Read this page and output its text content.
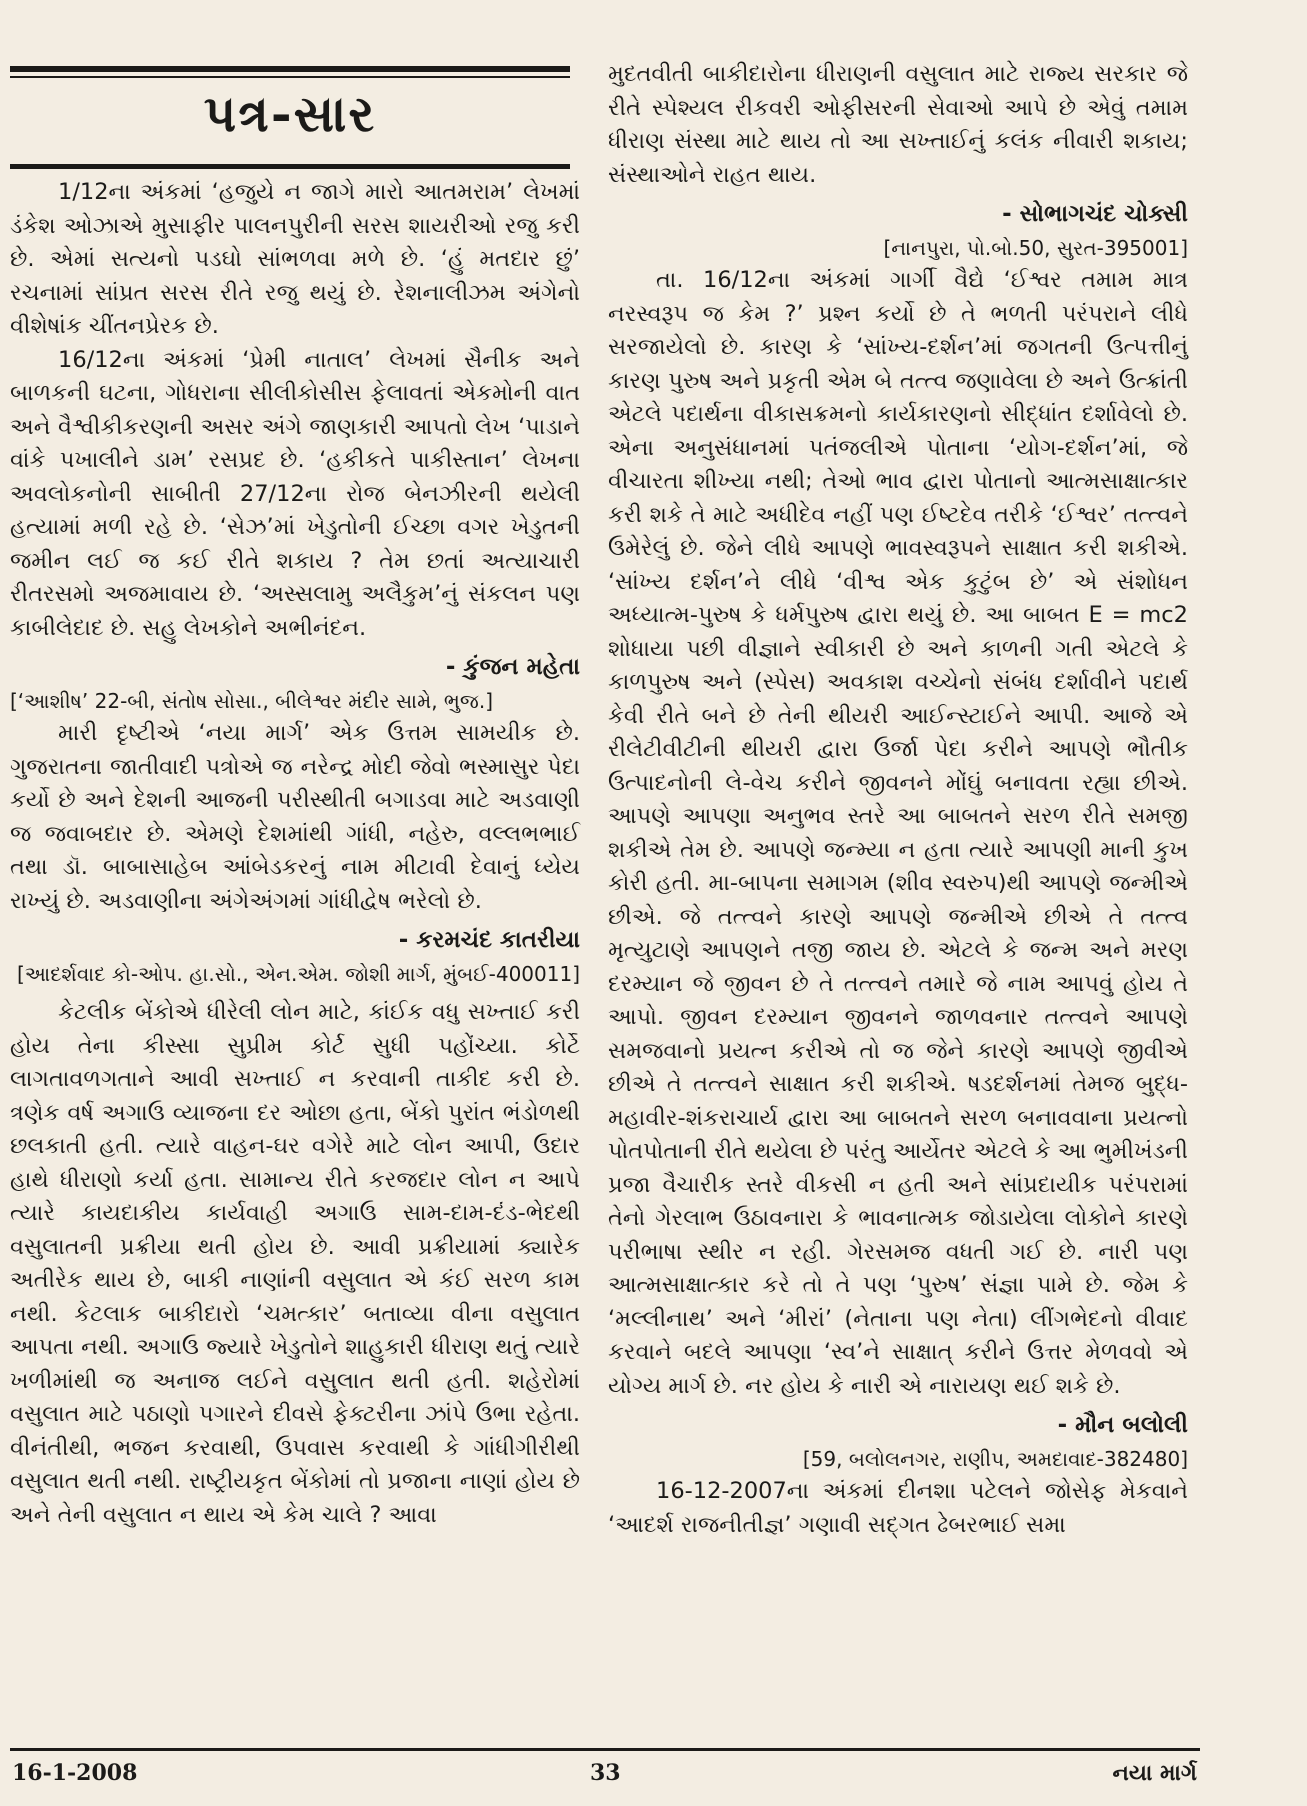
પત્ર-સાર

1/12ના અંકમાં ‘હજુયે ન જાગે મારો આતમરામ’ લેખમાં ડંકેશ ઓઝાએ મુસાફીર પાલનપુરીની સરસ શાયરીઓ રજુ કરી છે. એમાં સત્યનો પડઘો સાંભળવા મળે છે. ‘હું મતદાર છું’ રચનામાં સાંપ્રત સરસ રીતે રજુ થયું છે. રેશનાલીઝમ અંગેનો વીશેષાંક ચીંતનપ્રેરક છે.

16/12ના અંકમાં ‘પ્રેમી નાતાલ’ લેખમાં સૈનીક અને બાળકની ઘટના, ગોધરાના સીલીકોસીસ ફેલાવતાં એકમોની વાત અને વૈશ્વીકીકરણની અસર અંગે જાણકારી આપતો લેખ ‘પાડાને વાંકે પખાલીને ડામ’ રસપ્રદ છે. ‘હકીકતે પાકીસ્તાન’ લેખના અવલોકનોની સાબીતી 27/12ના રોજ બેનઝીરની થયેલી હત્યામાં મળી રહે છે. ‘સેઝ’માં ખેડુતોની ઈચ્છા વગર ખેડુતની જમીન લઈ જ કઈ રીતે શકાય ? તેમ છતાં અત્યાચારી રીતરસમો અજમાવાય છે. ‘અસ્સલામુ અલૈકુમ’નું સંકલન પણ કાબીલેદાદ છે. સહુ લેખકોને અભીનંદન.

- કુંજન મહેતા
[‘આશીષ’ 22-બી, સંતોષ સોસા., બીલેશ્વર મંદીર સામે, ભુજ.]

મારી દૃષ્ટીએ ‘નયા માર્ગ’ એક ઉત્તમ સામયીક છે. ગુજરાતના જાતીવાદી પત્રોએ જ નરેન્દ્ર મોદી જેવો ભસ્માસુર પેદા કર્યો છે અને દેશની આજની પરીસ્થીતી બગાડવા માટે અડવાણી જ જવાબદાર છે. એમણે દેશમાંથી ગાંધી, નહેરુ, વલ્લભભાઈ તથા ડૉ. બાબાસાહેબ આંબેડકરનું નામ મીટાવી દેવાનું ધ્યેય રાખ્યું છે. અડવાણીના અંગેઅંગમાં ગાંધીદ્વેષ ભરેલો છે.

- કરમચંદ કાતરીયા
[આદર્શવાદ કો-ઓપ. હા.સો., એન.એમ. જોશી માર્ગ, મુંબઈ-400011]

કેટલીક બેંકોએ ધીરેલી લોન માટે, કાંઈક વધુ સખ્તાઈ કરી હોય તેના કીસ્સા સુપ્રીમ કોર્ટ સુધી પહોંચ્યા. કોર્ટે લાગતાવળગતાને આવી સખ્તાઈ ન કરવાની તાકીદ કરી છે. ત્રણેક વર્ષ અગાઉ વ્યાજના દર ઓછા હતા, બેંકો પુરાંત ભંડોળથી છલકાતી હતી. ત્યારે વાહન-ઘર વગેરે માટે લોન આપી, ઉદાર હાથે ધીરાણો કર્યા હતા. સામાન્ય રીતે કરજદાર લોન ન આપે ત્યારે કાયદાકીય કાર્યવાહી અગાઉ સામ-દામ-દંડ-ભેદથી વસુલાતની પ્રક્રીયા થતી હોય છે. આવી પ્રક્રીયામાં ક્યારેક અતીરેક થાય છે, બાકી નાણાંની વસુલાત એ કંઈ સરળ કામ નથી. કેટલાક બાકીદારો ‘ચમત્કાર’ બતાવ્યા વીના વસુલાત આપતા નથી. અગાઉ જ્યારે ખેડુતોને શાહુકારી ધીરાણ થતું ત્યારે ખળીમાંથી જ અનાજ લઈને વસુલાત થતી હતી. શહેરોમાં વસુલાત માટે પઠાણો પગારને દીવસે ફેક્ટરીના ઝાંપે ઉભા રહેતા. વીનંતીથી, ભજન કરવાથી, ઉપવાસ કરવાથી કે ગાંધીગીરીથી વસુલાત થતી નથી. રાષ્ટ્રીયકૃત બેંકોમાં તો પ્રજાના નાણાં હોય છે અને તેની વસુલાત ન થાય એ કેમ ચાલે ? આવા

મુદતવીતી બાકીદારોના ધીરાણની વસુલાત માટે રાજ્ય સરકાર જે રીતે સ્પેશ્યલ રીકવરી ઓફીસરની સેવાઓ આપે છે એવું તમામ ધીરાણ સંસ્થા માટે થાય તો આ સખ્તાઈનું કલંક નીવારી શકાય; સંસ્થાઓને રાહત થાય.

- સોભાગચંદ ચોક્સી
[નાનપુરા, પો.બો.50, સુરત-395001]

તા. 16/12ના અંકમાં ગાર્ગી વૈદ્યે ‘ઈશ્વર તમામ માત્ર નરસ્વરૂપ જ કેમ ?’ પ્રશ્ન કર્યો છે તે ભળતી પરંપરાને લીધે સરજાયેલો છે. કારણ કે ‘સાંખ્ય-દર્શન’માં જગતની ઉત્પત્તીનું કારણ પુરુષ અને પ્રકૃતી એમ બે તત્ત્વ જણાવેલા છે અને ઉત્ક્રાંતી એટલે પદાર્થના વીકાસક્રમનો કાર્યકારણનો સીદ્ધાંત દર્શાવેલો છે. એના અનુસંધાનમાં પતંજલીએ પોતાના ‘યોગ-દર્શન’માં, જે વીચારતા શીખ્યા નથી; તેઓ ભાવ દ્વારા પોતાનો આત્મસાક્ષાત્કાર કરી શકે તે માટે અધીદેવ નહીં પણ ઈષ્ટદેવ તરીકે ‘ઈશ્વર’ તત્ત્વને ઉમેરેલું છે. જેને લીધે આપણે ભાવસ્વરૂપને સાક્ષાત કરી શકીએ. ‘સાંખ્ય દર્શન’ને લીધે ‘વીશ્વ એક કુટુંબ છે’ એ સંશોધન અધ્યાત્મ-પુરુષ કે ધર્મપુરુષ દ્વારા થયું છે. આ બાબત E = mc2 શોધાયા પછી વીજ્ઞાને સ્વીકારી છે અને કાળની ગતી એટલે કે કાળપુરુષ અને (સ્પેસ) અવકાશ વચ્ચેનો સંબંધ દર્શાવીને પદાર્થ કેવી રીતે બને છે તેની થીયરી આઈન્સ્ટાઈને આપી. આજે એ રીલેટીવીટીની થીયરી દ્વારા ઉર્જા પેદા કરીને આપણે ભૌતીક ઉત્પાદનોની લે-વેચ કરીને જીવનને મોંઘું બનાવતા રહ્યા છીએ. આપણે આપણા અનુભવ સ્તરે આ બાબતને સરળ રીતે સમજી શકીએ તેમ છે. આપણે જન્મ્યા ન હતા ત્યારે આપણી માની કુખ કોરી હતી. મા-બાપના સમાગમ (શીવ સ્વરુપ)થી આપણે જન્મીએ છીએ. જે તત્ત્વને કારણે આપણે જન્મીએ છીએ તે તત્ત્વ મૃત્યુટાણે આપણને તજી જાય છે. એટલે કે જન્મ અને મરણ દરમ્યાન જે જીવન છે તે તત્ત્વને તમારે જે નામ આપવું હોય તે આપો. જીવન દરમ્યાન જીવનને જાળવનાર તત્ત્વને આપણે સમજવાનો પ્રયત્ન કરીએ તો જ જેને કારણે આપણે જીવીએ છીએ તે તત્ત્વને સાક્ષાત કરી શકીએ. ષડદર્શનમાં તેમજ બુદ્ધ-મહાવીર-શંકરાચાર્ય દ્વારા આ બાબતને સરળ બનાવવાના પ્રયત્નો પોતપોતાની રીતે થયેલા છે પરંતુ આર્યેતર એટલે કે આ ભુમીખંડની પ્રજા વૈચારીક સ્તરે વીકસી ન હતી અને સાંપ્રદાયીક પરંપરામાં તેનો ગેરલાભ ઉઠાવનારા કે ભાવનાત્મક જોડાયેલા લોકોને કારણે પરીભાષા સ્થીર ન રહી. ગેરસમજ વધતી ગઈ છે. નારી પણ આત્મસાક્ષાત્કાર કરે તો તે પણ ‘પુરુષ’ સંજ્ઞા પામે છે. જેમ કે ‘મલ્લીનાથ’ અને ‘મીરાં’ (નેતાના પણ નેતા) લીંગભેદનો વીવાદ કરવાને બદલે આપણા ‘સ્વ’ને સાક્ષાત્ કરીને ઉત્તર મેળવવો એ યોગ્ય માર્ગ છે. નર હોય કે નારી એ નારાયણ થઈ શકે છે.

- મૌન બલોલી
[59, બલોલનગર, રાણીપ, અમદાવાદ-382480]

16-12-2007ના અંકમાં દીનશા પટેલને જોસેફ મેકવાને ‘આદર્શ રાજનીતીજ્ઞ’ ગણાવી સદ્ગત ઢેબરભાઈ સમા

16-1-2008	33	નયા માર્ગ
